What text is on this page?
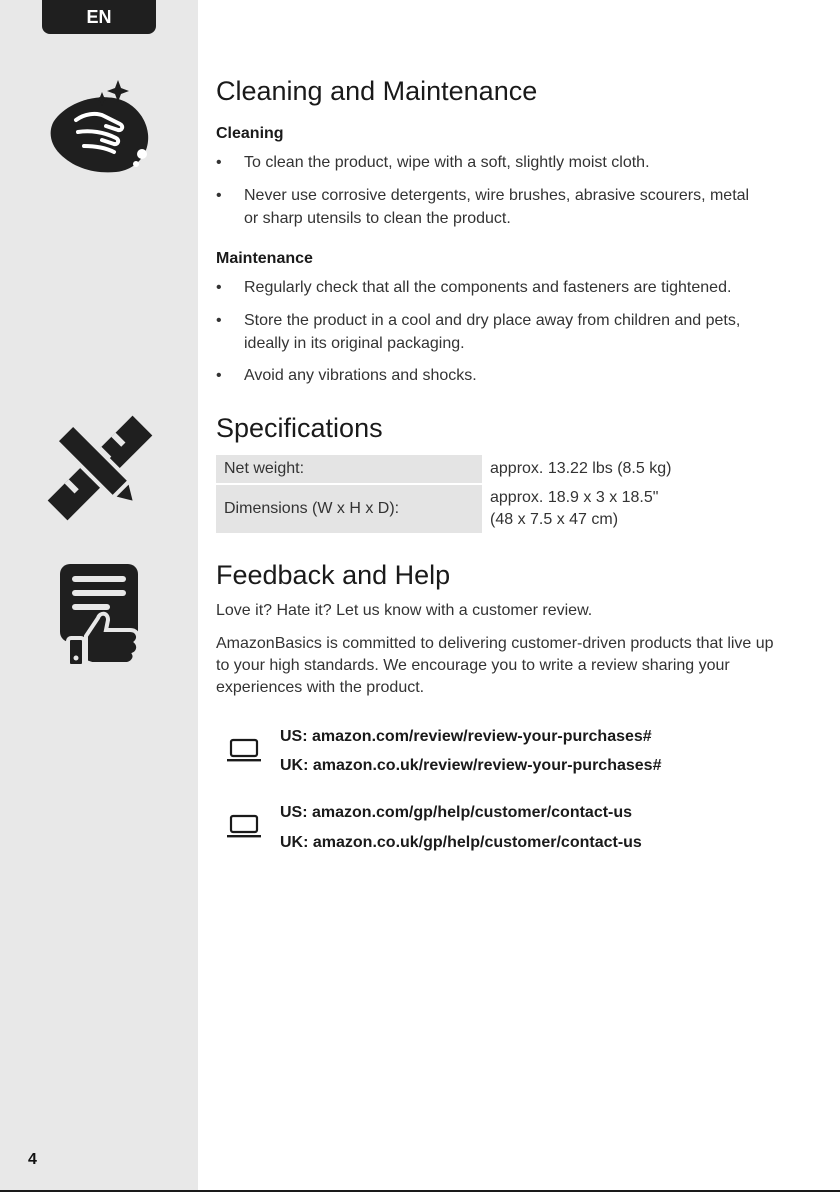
EN
4
Cleaning and Maintenance
Cleaning
• To clean the product, wipe with a soft, slightly moist cloth.
• Never use corrosive detergents, wire brushes, abrasive scourers, metal or sharp utensils to clean the product.
Maintenance
• Regularly check that all the components and fasteners are tightened.
• Store the product in a cool and dry place away from children and pets, ideally in its original packaging.
• Avoid any vibrations and shocks.
Specifications
Net weight:	approx. 13.22 lbs (8.5 kg)
Dimensions (W x H x D):
approx. 18.9 x 3 x 18.5"
(48 x 7.5 x 47 cm)
Feedback and Help
Love it? Hate it? Let us know with a customer review.
AmazonBasics is committed to delivering customer-driven products that live up to your high standards. We encourage you to write a review sharing your experiences with the product.
US: amazon.com/review/review-your-purchases#
UK: amazon.co.uk/review/review-your-purchases#
US: amazon.com/gp/help/customer/contact-us
UK: amazon.co.uk/gp/help/customer/contact-us
